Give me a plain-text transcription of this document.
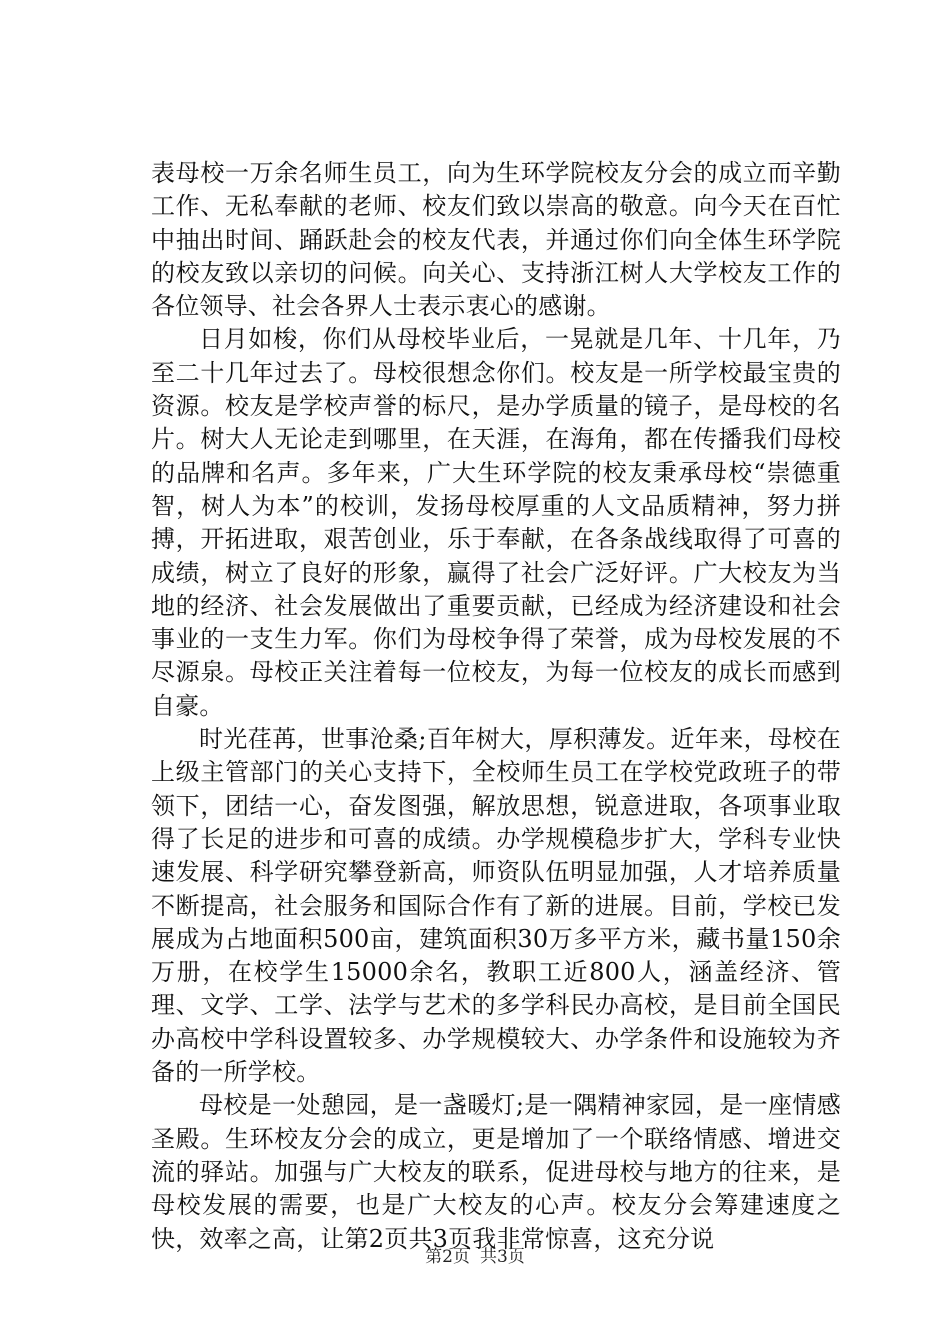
表母校一万余名师生员工，向为生环学院校友分会的成立而辛勤工作、无私奉献的老师、校友们致以崇高的敬意。向今天在百忙中抽出时间、踊跃赴会的校友代表，并通过你们向全体生环学院的校友致以亲切的问候。向关心、支持浙江树人大学校友工作的各位领导、社会各界人士表示衷心的感谢。

日月如梭，你们从母校毕业后，一晃就是几年、十几年，乃至二十几年过去了。母校很想念你们。校友是一所学校最宝贵的资源。校友是学校声誉的标尺，是办学质量的镜子，是母校的名片。树大人无论走到哪里，在天涯，在海角，都在传播我们母校的品牌和名声。多年来，广大生环学院的校友秉承母校“崇德重智，树人为本”的校训，发扬母校厚重的人文品质精神，努力拼搏，开拓进取，艰苦创业，乐于奉献，在各条战线取得了可喜的成绩，树立了良好的形象，赢得了社会广泛好评。广大校友为当地的经济、社会发展做出了重要贡献，已经成为经济建设和社会事业的一支生力军。你们为母校争得了荣誉，成为母校发展的不尽源泉。母校正关注着每一位校友，为每一位校友的成长而感到自豪。

时光荏苒，世事沧桑;百年树大，厚积薄发。近年来，母校在上级主管部门的关心支持下，全校师生员工在学校党政班子的带领下，团结一心，奋发图强，解放思想，锐意进取，各项事业取得了长足的进步和可喜的成绩。办学规模稳步扩大，学科专业快速发展、科学研究攀登新高，师资队伍明显加强，人才培养质量不断提高，社会服务和国际合作有了新的进展。目前，学校已发展成为占地面积500亩，建筑面积30万多平方米，藏书量150余万册，在校学生15000余名，教职工近800人，涵盖经济、管理、文学、工学、法学与艺术的多学科民办高校，是目前全国民办高校中学科设置较多、办学规模较大、办学条件和设施较为齐备的一所学校。

母校是一处憩园，是一盏暖灯;是一隅精神家园，是一座情感圣殿。生环校友分会的成立，更是增加了一个联络情感、增进交流的驿站。加强与广大校友的联系，促进母校与地方的往来，是母校发展的需要，也是广大校友的心声。校友分会筹建速度之快，效率之高，让第2页共3页我非常惊喜，这充分说

第2页 共3页
